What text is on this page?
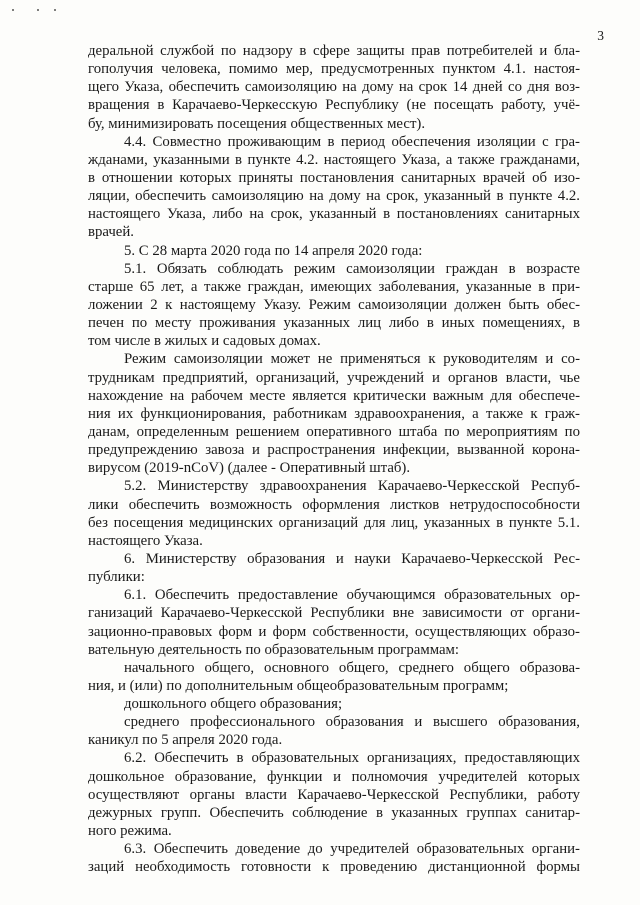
3
деральной службой по надзору в сфере защиты прав потребителей и бла-
гополучия человека, помимо мер, предусмотренных пунктом 4.1. настоя-
щего Указа, обеспечить самоизоляцию на дому на срок 14 дней со дня воз-
вращения в Карачаево-Черкесскую Республику (не посещать работу, учё-
бу, минимизировать посещения общественных мест).
4.4. Совместно проживающим в период обеспечения изоляции с гра-
жданами, указанными в пункте 4.2. настоящего Указа, а также гражданами,
в отношении которых приняты постановления санитарных врачей об изо-
ляции, обеспечить самоизоляцию на дому на срок, указанный в пункте 4.2.
настоящего Указа, либо на срок, указанный в постановлениях санитарных
врачей.
5. С 28 марта 2020 года по 14 апреля 2020 года:
5.1. Обязать соблюдать режим самоизоляции граждан в возрасте
старше 65 лет, а также граждан, имеющих заболевания, указанные в при-
ложении 2 к настоящему Указу. Режим самоизоляции должен быть обес-
печен по месту проживания указанных лиц либо в иных помещениях, в
том числе в жилых и садовых домах.
Режим самоизоляции может не применяться к руководителям и со-
трудникам предприятий, организаций, учреждений и органов власти, чье
нахождение на рабочем месте является критически важным для обеспече-
ния их функционирования, работникам здравоохранения, а также к граж-
данам, определенным решением оперативного штаба по мероприятиям по
предупреждению завоза и распространения инфекции, вызванной корона-
вирусом (2019-nCoV) (далее - Оперативный штаб).
5.2. Министерству здравоохранения Карачаево-Черкесской Респуб-
лики обеспечить возможность оформления листков нетрудоспособности
без посещения медицинских организаций для лиц, указанных в пункте 5.1.
настоящего Указа.
6. Министерству образования и науки Карачаево-Черкесской Рес-
публики:
6.1. Обеспечить предоставление обучающимся образовательных ор-
ганизаций Карачаево-Черкесской Республики вне зависимости от органи-
зационно-правовых форм и форм собственности, осуществляющих образо-
вательную деятельность по образовательным программам:
начального общего, основного общего, среднего общего образова-
ния, и (или) по дополнительным общеобразовательным программ;
дошкольного общего образования;
среднего профессионального образования и высшего образования,
каникул по 5 апреля 2020 года.
6.2. Обеспечить в образовательных организациях, предоставляющих
дошкольное образование, функции и полномочия учредителей которых
осуществляют органы власти Карачаево-Черкесской Республики, работу
дежурных групп. Обеспечить соблюдение в указанных группах санитар-
ного режима.
6.3. Обеспечить доведение до учредителей образовательных органи-
заций необходимость готовности к проведению дистанционной формы
